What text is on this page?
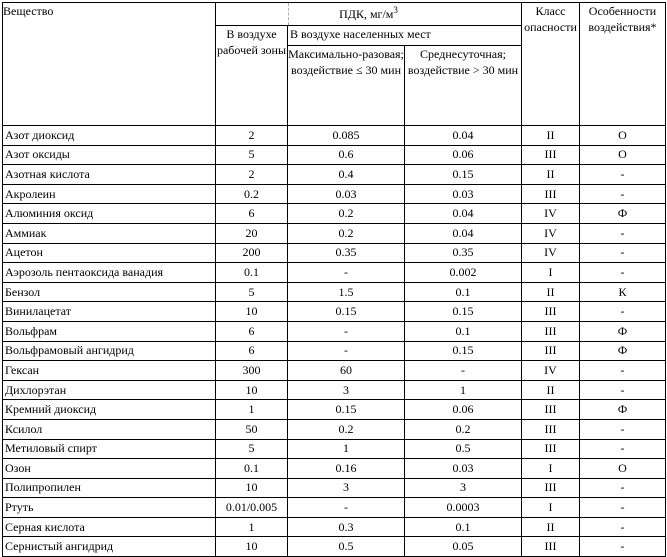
Вещество	ПДК, $мг/м^3$			Класс опасности	Особенности воздействия*
	В воздухе рабочей зоны	В воздухе населенных мест			
		Максимально-разовая; воздействие ≤ 30 мин	Среднесуточная; воздействие > 30 мин		
Азот диоксид	2	0.085	0.04	II	О
Азот оксиды	5	0.6	0.06	III	О
Азотная кислота	2	0.4	0.15	II	-
Акролеин	0.2	0.03	0.03	III	-
Алюминия оксид	6	0.2	0.04	IV	Ф
Аммиак	20	0.2	0.04	IV	-
Ацетон	200	0.35	0.35	IV	-
Аэрозоль пентаоксида ванадия	0.1	-	0.002	I	-
Бензол	5	1.5	0.1	II	К
Винилацетат	10	0.15	0.15	III	-
Вольфрам	6	-	0.1	III	Ф
Вольфрамовый ангидрид	6	-	0.15	III	Ф
Гексан	300	60	-	IV	-
Дихлорэтан	10	3	1	II	-
Кремний диоксид	1	0.15	0.06	III	Ф
Ксилол	50	0.2	0.2	III	-
Метиловый спирт	5	1	0.5	III	-
Озон	0.1	0.16	0.03	I	О
Полипропилен	10	3	3	III	-
Ртуть	0.01/0.005	-	0.0003	I	-
Серная кислота	1	0.3	0.1	II	-
Сернистый ангидрид	10	0.5	0.05	III	-
